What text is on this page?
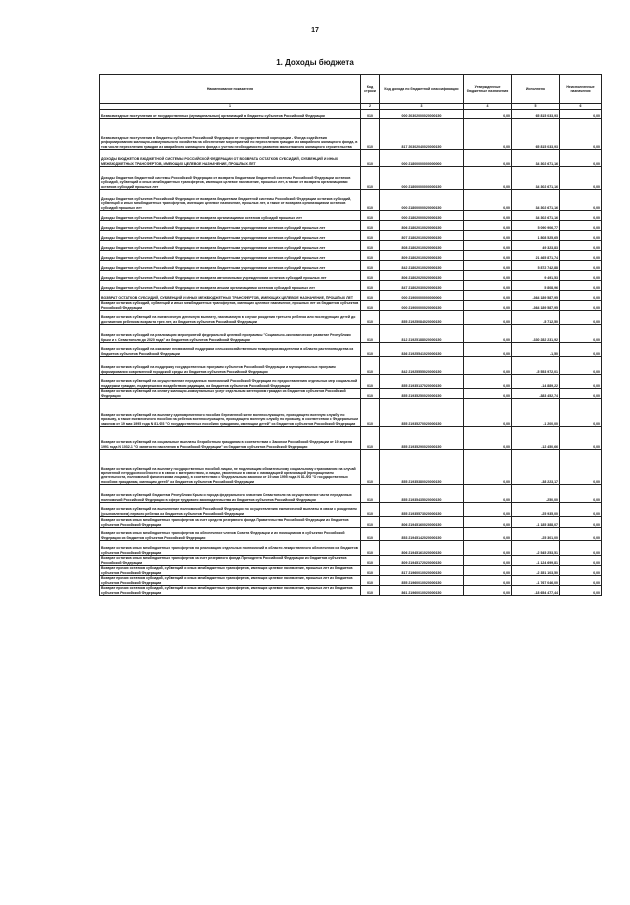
17
1. Доходы бюджета
Наименование показателя	Код строки	Код дохода по бюджетной классификации	Утвержденные бюджетные назначения	Исполнено	Неисполненные назначения
1	2	3	4	5	6
Безвозмездные поступления от государственных (муниципальных) организаций в бюджеты субъектов Российской Федерации	010	000 20302000020000150	0,00	65 815 033,93	0,00
Безвозмездные поступления в бюджеты субъектов Российской Федерации от государственной корпорации - Фонда содействия реформированию жилищно-коммунального хозяйства на обеспечение мероприятий по переселению граждан из аварийного жилищного фонда, в том числе переселению граждан из аварийного жилищного фонда с учетом необходимости развития малоэтажного жилищного строительства	010	817 20302040020000150	0,00	65 815 033,93	0,00
ДОХОДЫ БЮДЖЕТОВ БЮДЖЕТНОЙ СИСТЕМЫ РОССИЙСКОЙ ФЕДЕРАЦИИ ОТ ВОЗВРАТА ОСТАТКОВ СУБСИДИЙ, СУБВЕНЦИЙ И ИНЫХ МЕЖБЮДЖЕТНЫХ ТРАНСФЕРТОВ, ИМЕЮЩИХ ЦЕЛЕВОЕ НАЗНАЧЕНИЕ, ПРОШЛЫХ ЛЕТ	010	000 21800000000000000	0,00	34 302 671,16	0,00
Доходы бюджетов бюджетной системы Российской Федерации от возврата бюджетами бюджетной системы Российской Федерации остатков субсидий, субвенций и иных межбюджетных трансфертов, имеющих целевое назначение, прошлых лет, а также от возврата организациями остатков субсидий прошлых лет	010	000 21800000000000150	0,00	34 302 671,16	0,00
Доходы бюджетов субъектов Российской Федерации от возврата бюджетами бюджетной системы Российской Федерации остатков субсидий, субвенций и иных межбюджетных трансфертов, имеющих целевое назначение, прошлых лет, а также от возврата организациями остатков субсидий прошлых лет	010	000 21800000020000150	0,00	34 302 671,16	0,00
Доходы бюджетов субъектов Российской Федерации от возврата организациями остатков субсидий прошлых лет	010	000 21802000020000150	0,00	34 302 671,16	0,00
Доходы бюджетов субъектов Российской Федерации от возврата бюджетными учреждениями остатков субсидий прошлых лет	010	806 21802010020000150	0,00	5 090 906,77	0,00
Доходы бюджетов субъектов Российской Федерации от возврата бюджетными учреждениями остатков субсидий прошлых лет	010	807 21802010020000150	0,00	1 808 525,65	0,00
Доходы бюджетов субъектов Российской Федерации от возврата бюджетными учреждениями остатков субсидий прошлых лет	010	808 21802010020000150	0,00	49 323,83	0,00
Доходы бюджетов субъектов Российской Федерации от возврата бюджетными учреждениями остатков субсидий прошлых лет	010	809 21802010020000150	0,00	21 465 871,74	0,00
Доходы бюджетов субъектов Российской Федерации от возврата бюджетными учреждениями остатков субсидий прошлых лет	010	842 21802010020000150	0,00	5 872 742,88	0,00
Доходы бюджетов субъектов Российской Федерации от возврата автономными учреждениями остатков субсидий прошлых лет	010	806 21802020020000150	0,00	9 491,53	0,00
Доходы бюджетов субъектов Российской Федерации от возврата иными организациями остатков субсидий прошлых лет	010	847 21802030020000150	0,00	5 808,96	0,00
ВОЗВРАТ ОСТАТКОВ СУБСИДИЙ, СУБВЕНЦИЙ И ИНЫХ МЕЖБЮДЖЕТНЫХ ТРАНСФЕРТОВ, ИМЕЮЩИХ ЦЕЛЕВОЕ НАЗНАЧЕНИЕ, ПРОШЛЫХ ЛЕТ	010	000 21900000000000000	0,00	-364 189 587,95	0,00
Возврат остатков субсидий, субвенций и иных межбюджетных трансфертов, имеющих целевое назначение, прошлых лет из бюджетов субъектов Российской Федерации	010	000 21900000020000150	0,00	-364 189 587,95	0,00
Возврат остатков субвенций на ежемесячную денежную выплату, назначаемую в случае рождения третьего ребенка или последующих детей до достижения ребенком возраста трех лет, из бюджетов субъектов Российской Федерации	010	855 21925084020000150	0,00	-5 712,50	0,00
Возврат остатков субсидий на реализацию мероприятий федеральной целевой программы "Социально-экономическое развитие Республики Крым и г. Севастополя до 2020 года" из бюджетов субъектов Российской Федерации	010	812 21925188020000150	0,00	-330 282 231,92	0,00
Возврат остатков субсидий на оказание несвязанной поддержки сельскохозяйственным товаропроизводителям в области растениеводства из бюджетов субъектов Российской Федерации	010	836 21925541020000150	0,00	-1,50	0,00
Возврат остатков субсидий на поддержку государственных программ субъектов Российской Федерации и муниципальных программ формирования современной городской среды из бюджетов субъектов Российской Федерации	010	842 21925555020000150	0,00	-5 553 972,01	0,00
Возврат остатков субвенций на осуществление переданных полномочий Российской Федерации по предоставлению отдельных мер социальной поддержки граждан, подвергшихся воздействию радиации, из бюджетов субъектов Российской Федерации	010	855 21935137020000150	0,00	-14 889,22	0,00
Возврат остатков субвенций на оплату жилищно-коммунальных услуг отдельным категориям граждан из бюджетов субъектов Российской Федерации	010	855 21935250020000150	0,00	-383 452,74	0,00
Возврат остатков субвенций на выплату единовременного пособия беременной жене военнослужащего, проходящего военную службу по призыву, а также ежемесячного пособия на ребенка военнослужащего, проходящего военную службу по призыву, в соответствии с Федеральным законом от 19 мая 1995 года N 81-ФЗ "О государственных пособиях гражданам, имеющим детей" из бюджетов субъектов Российской Федерации	010	855 21935270020000150	0,00	-1 200,00	0,00
Возврат остатков субвенций на социальные выплаты безработным гражданам в соответствии с Законом Российской Федерации от 19 апреля 1991 года N 1032-1 "О занятости населения в Российской Федерации" из бюджетов субъектов Российской Федерации	010	855 21935290020000150	0,00	-12 450,66	0,00
Возврат остатков субвенций на выплату государственных пособий лицам, не подлежащим обязательному социальному страхованию на случай временной нетрудоспособности и в связи с материнством, и лицам, уволенным в связи с ликвидацией организаций (прекращением деятельности, полномочий физическими лицами), в соответствии с Федеральным законом от 19 мая 1995 года N 81-ФЗ "О государственных пособиях гражданам, имеющим детей" из бюджетов субъектов Российской Федерации	010	855 21935380020000150	0,00	-38 223,17	0,00
Возврат остатков субвенций бюджетам Республики Крым и города федерального значения Севастополя на осуществление части переданных полномочий Российской Федерации в сфере трудового законодательства из бюджетов субъектов Российской Федерации	010	855 21935435020000150	0,00	-250,00	0,00
Возврат остатков субвенций на выполнение полномочий Российской Федерации по осуществлению ежемесячной выплаты в связи с рождением (усыновлением) первого ребенка из бюджетов субъектов Российской Федерации	010	855 21935573020000150	0,00	-25 935,00	0,00
Возврат остатков иных межбюджетных трансфертов за счет средств резервного фонда Правительства Российской Федерации из бюджетов субъектов Российской Федерации	010	806 21945160020000150	0,00	-1 185 388,07	0,00
Возврат остатков иных межбюджетных трансфертов на обеспечение членов Совета Федерации и их помощников в субъектах Российской Федерации из бюджетов субъектов Российской Федерации	010	853 21945142020000150	0,00	-25 301,00	0,00
Возврат остатков иных межбюджетных трансфертов на реализацию отдельных полномочий в области лекарственного обеспечения из бюджетов субъектов Российской Федерации	010	806 21945161020000150	0,00	-2 545 253,51	0,00
Возврат остатков иных межбюджетных трансфертов за счет резервного фонда Президента Российской Федерации из бюджетов субъектов Российской Федерации	010	809 21945172020000150	0,00	-1 124 699,81	0,00
Возврат прочих остатков субсидий, субвенций и иных межбюджетных трансфертов, имеющих целевое назначение, прошлых лет из бюджетов субъектов Российской Федерации	010	817 21960010020000150	0,00	-2 351 103,50	0,00
Возврат прочих остатков субсидий, субвенций и иных межбюджетных трансфертов, имеющих целевое назначение, прошлых лет из бюджетов субъектов Российской Федерации	010	855 21960010020000150	0,00	-1 767 046,00	0,00
Возврат прочих остатков субсидий, субвенций и иных межбюджетных трансфертов, имеющих целевое назначение, прошлых лет из бюджетов субъектов Российской Федерации	010	861 21960010020000150	0,00	-18 654 477,44	0,00
